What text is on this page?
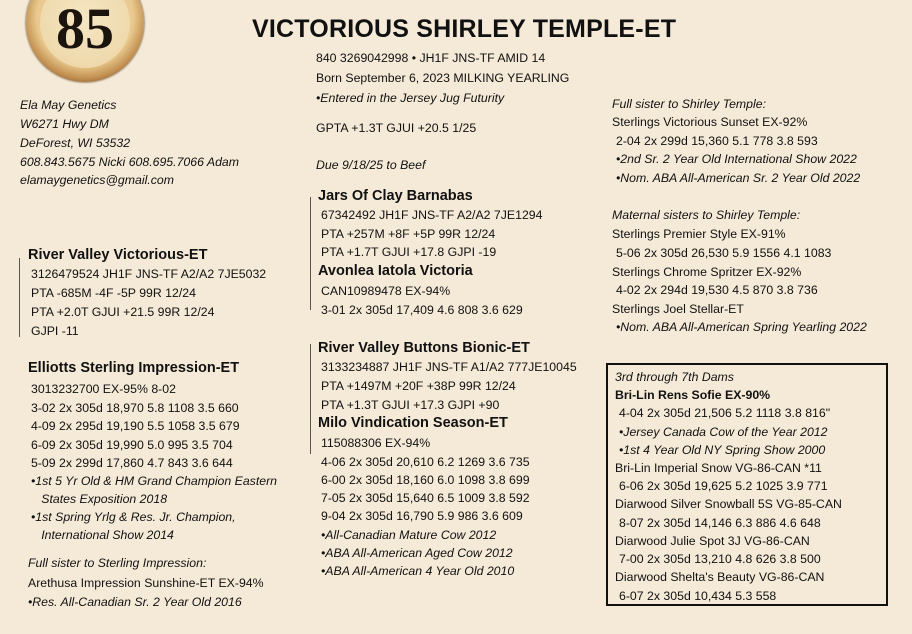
85	VICTORIOUS SHIRLEY TEMPLE-ET
840 3269042998 • JH1F JNS-TF AMID 14
Born September 6, 2023 MILKING YEARLING
•Entered in the Jersey Jug Futurity
GPTA +1.3T GJUI +20.5 1/25
Due 9/18/25 to Beef
Ela May Genetics
W6271 Hwy DM
DeForest, WI 53532
608.843.5675 Nicki 608.695.7066 Adam
elamaygenetics@gmail.com
River Valley Victorious-ET
3126479524 JH1F JNS-TF A2/A2 7JE5032
PTA -685M -4F -5P 99R 12/24
PTA +2.0T GJUI +21.5 99R 12/24
GJPI -11
Elliotts Sterling Impression-ET
3013232700 EX-95% 8-02
3-02 2x 305d 18,970 5.8 1108 3.5 660
4-09 2x 295d 19,190 5.5 1058 3.5 679
6-09 2x 305d 19,990 5.0 995 3.5 704
5-09 2x 299d 17,860 4.7 843 3.6 644
•1st 5 Yr Old & HM Grand Champion Eastern
States Exposition 2018
•1st Spring Yrlg & Res. Jr. Champion,
International Show 2014
Full sister to Sterling Impression:
Arethusa Impression Sunshine-ET EX-94%
•Res. All-Canadian Sr. 2 Year Old 2016
Jars Of Clay Barnabas
67342492 JH1F JNS-TF A2/A2 7JE1294
PTA +257M +8F +5P 99R 12/24
PTA +1.7T GJUI +17.8 GJPI -19
Avonlea Iatola Victoria
CAN10989478 EX-94%
3-01 2x 305d 17,409 4.6 808 3.6 629
River Valley Buttons Bionic-ET
3133234887 JH1F JNS-TF A1/A2 777JE10045
PTA +1497M +20F +38P 99R 12/24
PTA +1.3T GJUI +17.3 GJPI +90
Milo Vindication Season-ET
115088306 EX-94%
4-06 2x 305d 20,610 6.2 1269 3.6 735
6-00 2x 305d 18,160 6.0 1098 3.8 699
7-05 2x 305d 15,640 6.5 1009 3.8 592
9-04 2x 305d 16,790 5.9 986 3.6 609
•All-Canadian Mature Cow 2012
•ABA All-American Aged Cow 2012
•ABA All-American 4 Year Old 2010
Full sister to Shirley Temple:
Sterlings Victorious Sunset EX-92%
2-04 2x 299d 15,360 5.1 778 3.8 593
•2nd Sr. 2 Year Old International Show 2022
•Nom. ABA All-American Sr. 2 Year Old 2022
Maternal sisters to Shirley Temple:
Sterlings Premier Style EX-91%
5-06 2x 305d 26,530 5.9 1556 4.1 1083
Sterlings Chrome Spritzer EX-92%
4-02 2x 294d 19,530 4.5 870 3.8 736
Sterlings Joel Stellar-ET
•Nom. ABA All-American Spring Yearling 2022
3rd through 7th Dams
Bri-Lin Rens Sofie EX-90%
4-04 2x 305d 21,506 5.2 1118 3.8 816"
•Jersey Canada Cow of the Year 2012
•1st 4 Year Old NY Spring Show 2000
Bri-Lin Imperial Snow VG-86-CAN *11
6-06 2x 305d 19,625 5.2 1025 3.9 771
Diarwood Silver Snowball 5S VG-85-CAN
8-07 2x 305d 14,146 6.3 886 4.6 648
Diarwood Julie Spot 3J VG-86-CAN
7-00 2x 305d 13,210 4.8 626 3.8 500
Diarwood Shelta's Beauty VG-86-CAN
6-07 2x 305d 10,434 5.3 558
